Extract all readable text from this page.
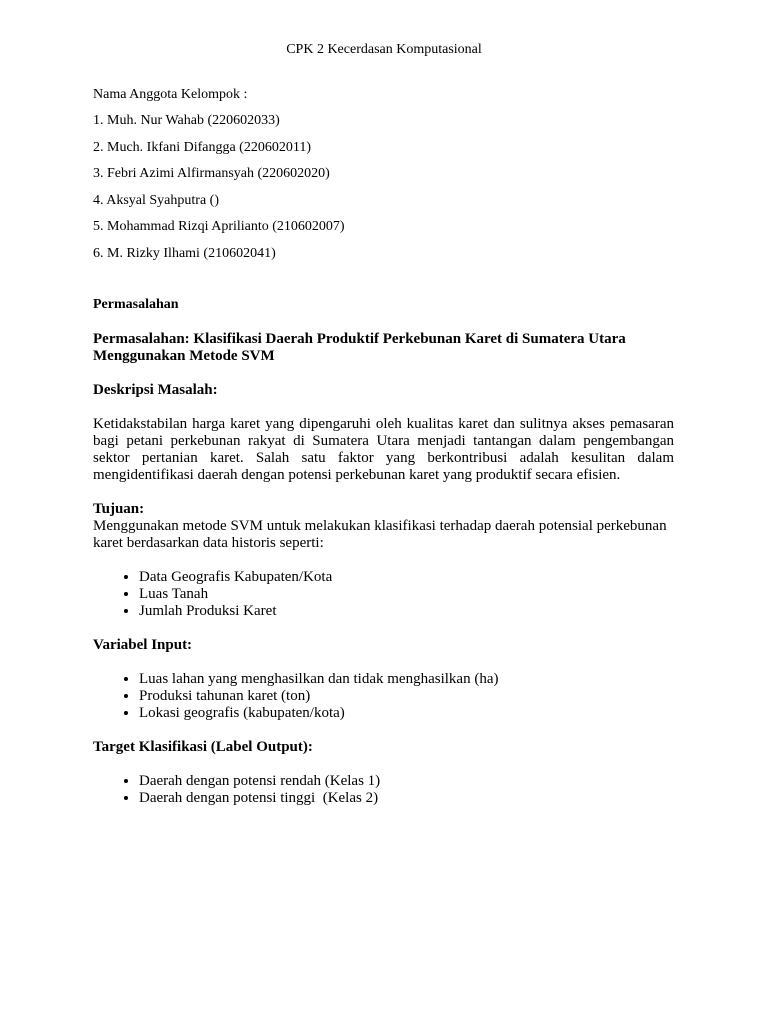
CPK 2 Kecerdasan Komputasional
Nama Anggota Kelompok :
1. Muh. Nur Wahab (220602033)
2. Much. Ikfani Difangga (220602011)
3. Febri Azimi Alfirmansyah (220602020)
4. Aksyal Syahputra ()
5. Mohammad Rizqi Aprilianto (210602007)
6. M. Rizky Ilhami (210602041)
Permasalahan
Permasalahan: Klasifikasi Daerah Produktif Perkebunan Karet di Sumatera Utara Menggunakan Metode SVM
Deskripsi Masalah:

Ketidakstabilan harga karet yang dipengaruhi oleh kualitas karet dan sulitnya akses pemasaran bagi petani perkebunan rakyat di Sumatera Utara menjadi tantangan dalam pengembangan sektor pertanian karet. Salah satu faktor yang berkontribusi adalah kesulitan dalam mengidentifikasi daerah dengan potensi perkebunan karet yang produktif secara efisien.

Tujuan:
Menggunakan metode SVM untuk melakukan klasifikasi terhadap daerah potensial perkebunan karet berdasarkan data historis seperti:
• Data Geografis Kabupaten/Kota
• Luas Tanah
• Jumlah Produksi Karet
Variabel Input:
• Luas lahan yang menghasilkan dan tidak menghasilkan (ha)
• Produksi tahunan karet (ton)
• Lokasi geografis (kabupaten/kota)
Target Klasifikasi (Label Output):
• Daerah dengan potensi rendah (Kelas 1)
• Daerah dengan potensi tinggi  (Kelas 2)
